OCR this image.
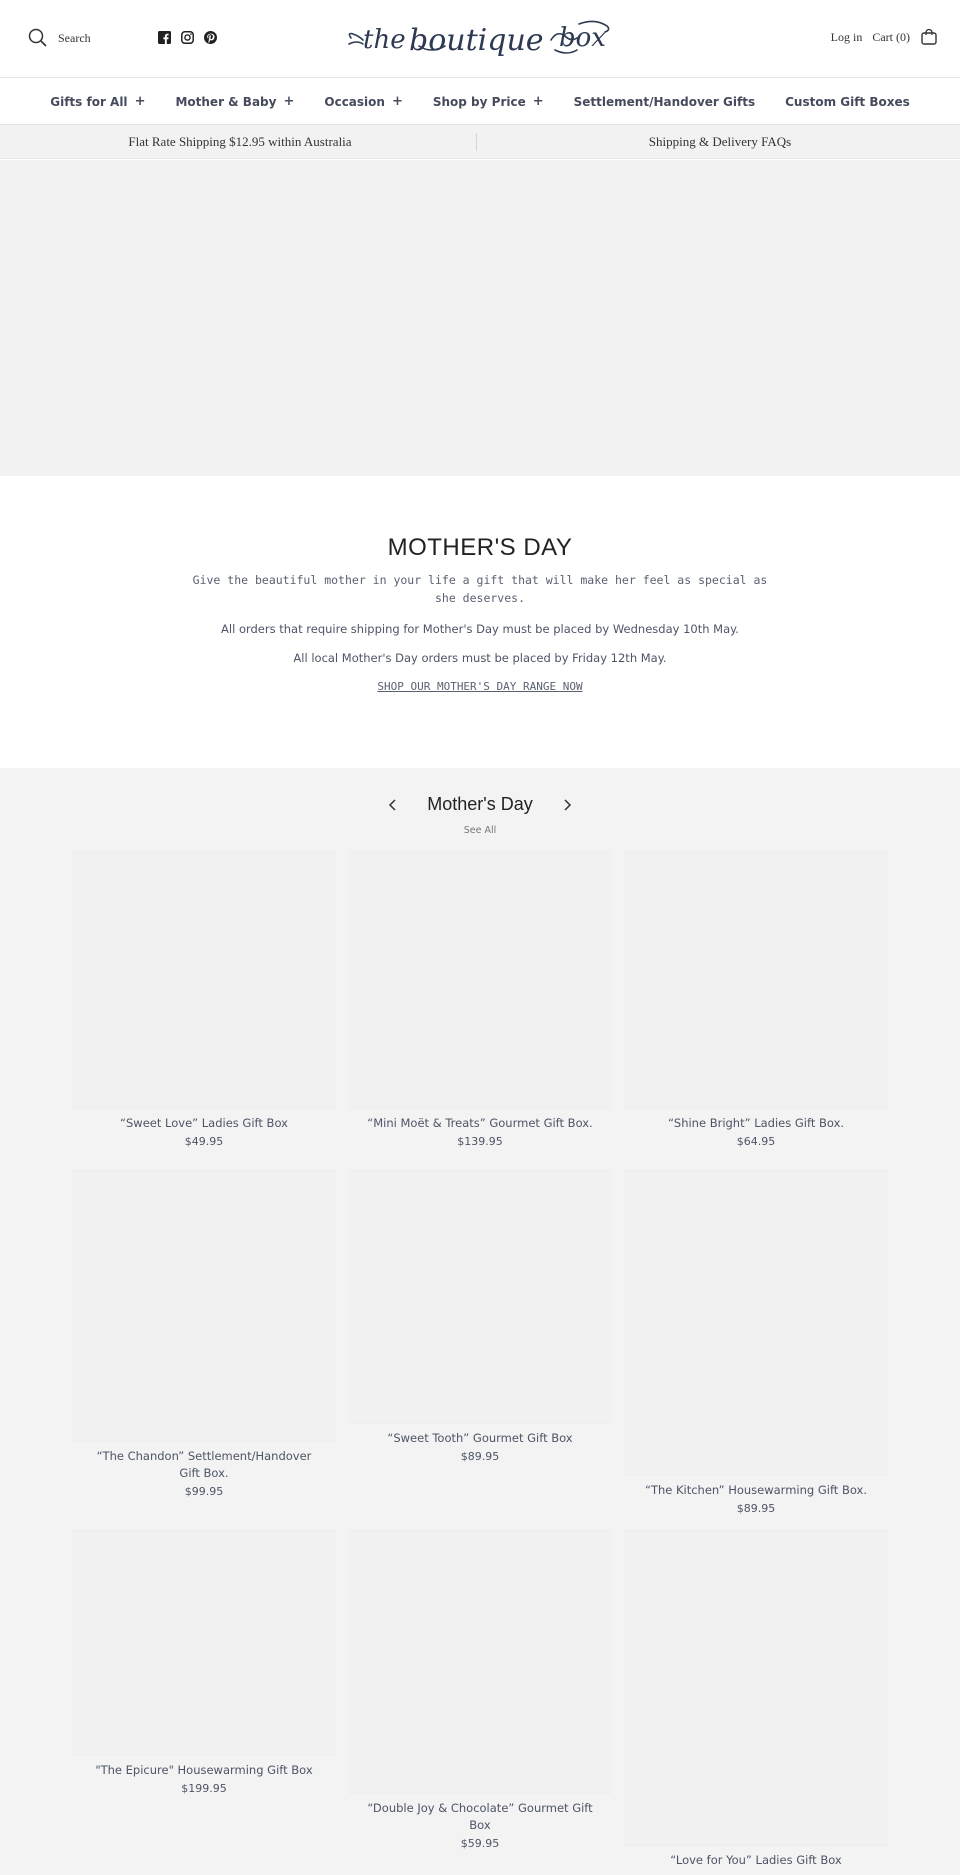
Search	the boutique box	Log in Cart (0)
Gifts for All +	Mother & Baby +	Occasion +	Shop by Price +	Settlement/Handover Gifts	Custom Gift Boxes
Flat Rate Shipping $12.95 within Australia	Shipping & Delivery FAQs
MOTHER'S DAY
Give the beautiful mother in your life a gift that will make her feel as special as she deserves.
All orders that require shipping for Mother's Day must be placed by Wednesday 10th May.
All local Mother's Day orders must be placed by Friday 12th May.
SHOP OUR MOTHER'S DAY RANGE NOW
Mother's Day
See All
“Sweet Love” Ladies Gift Box
$49.95
“Mini Moët & Treats” Gourmet Gift Box.
$139.95
“Shine Bright” Ladies Gift Box.
$64.95
“The Chandon” Settlement/Handover Gift Box.
$99.95
“Sweet Tooth” Gourmet Gift Box
$89.95
“The Kitchen” Housewarming Gift Box.
$89.95
"The Epicure" Housewarming Gift Box
$199.95
“Double Joy & Chocolate” Gourmet Gift Box
$59.95
“Love for You” Ladies Gift Box
